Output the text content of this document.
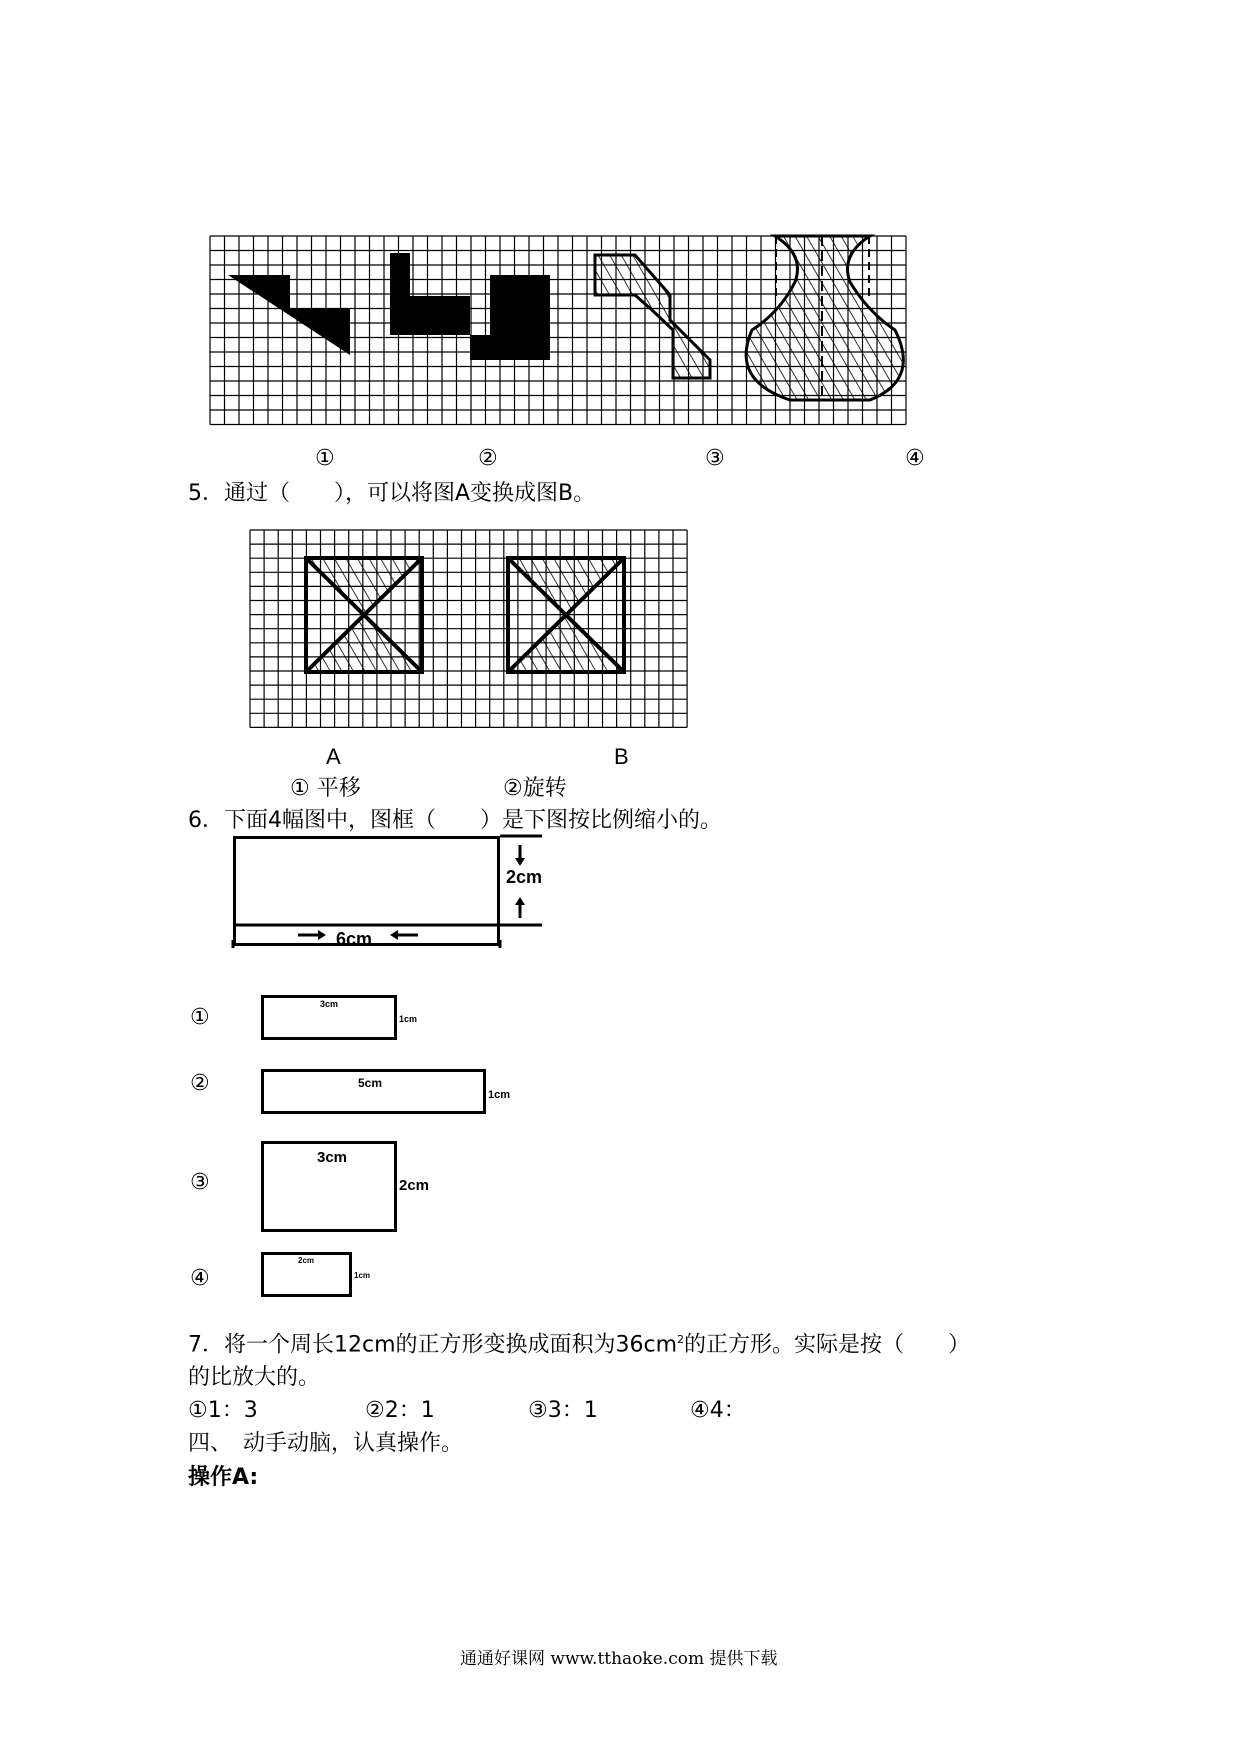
①	②	③	④
5．通过（　　），可以将图A变换成图B。
A	B
① 平移	②旋转
6．下面4幅图中，图框（　　）是下图按比例缩小的。
6cm
2cm
①
3cm
1cm
②	5cm
1cm
③
3cm
2cm
④
2cm
1cm
7．将一个周长12cm的正方形变换成面积为$36cm^2$的正方形。实际是按（　　）
的比放大的。
①1：3	②2：1	③3：1	④4：
四、　动手动脑，认真操作。
操作A:
通通好课网 www.tthaoke.com 提供下载
